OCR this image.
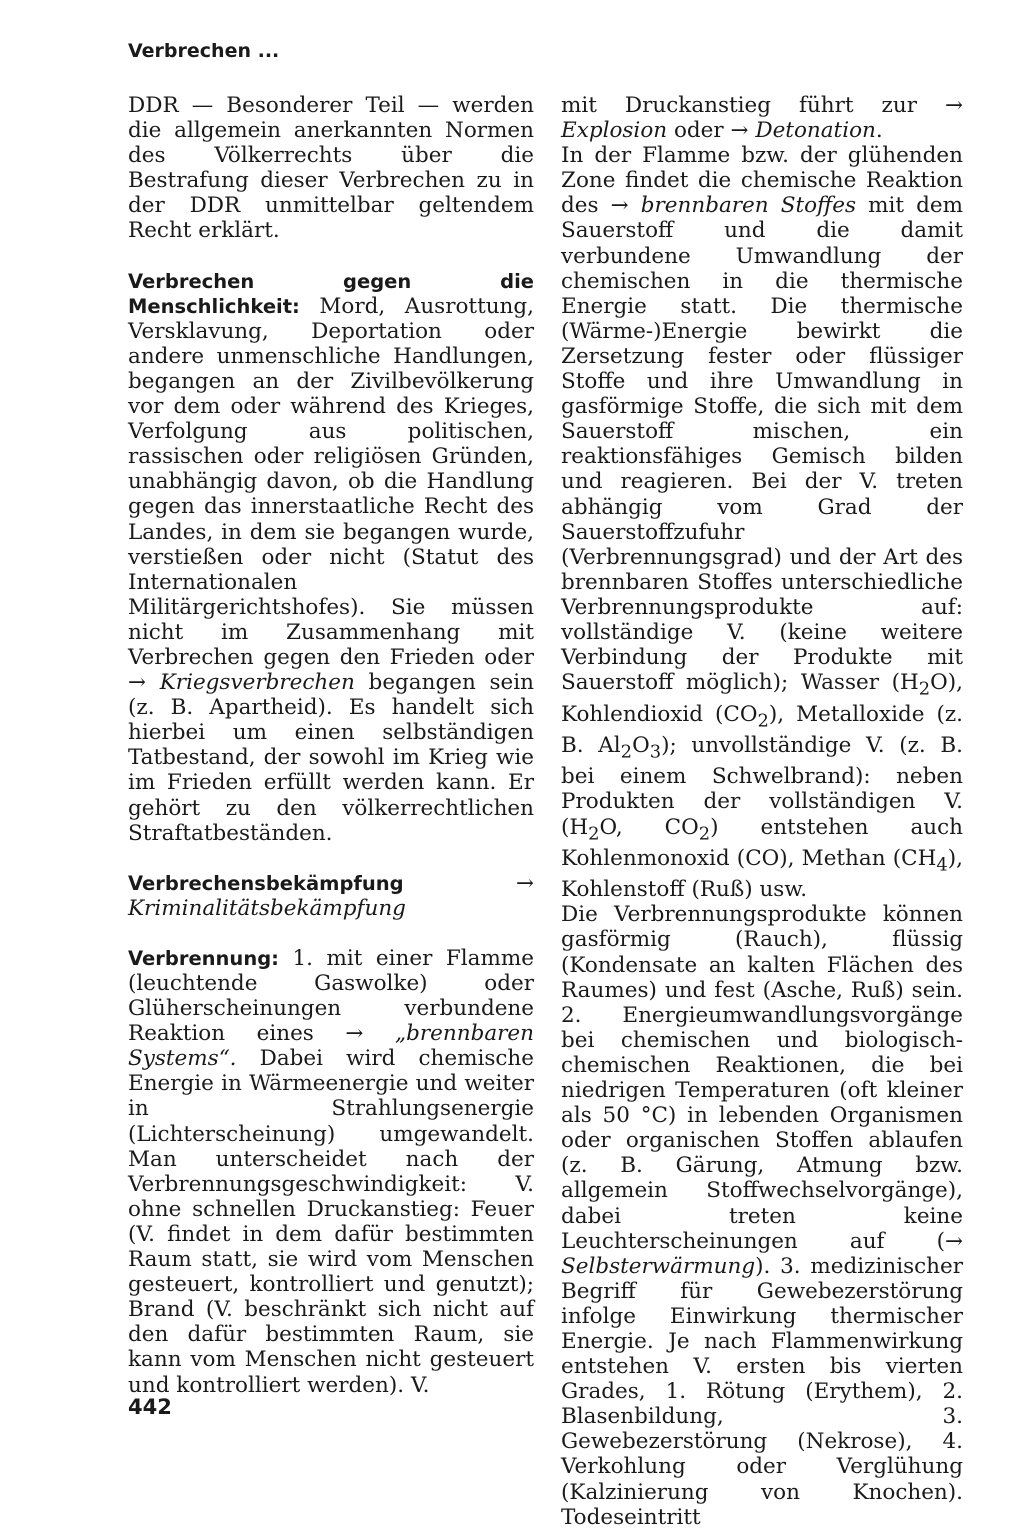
Verbrechen ...

DDR — Besonderer Teil — werden die allgemein anerkannten Normen des Völkerrechts über die Bestrafung dieser Verbrechen zu in der DDR unmittelbar geltendem Recht erklärt.

Verbrechen gegen die Menschlichkeit: Mord, Ausrottung, Versklavung, Deportation oder andere unmenschliche Handlungen, begangen an der Zivilbevölkerung vor dem oder während des Krieges, Verfolgung aus politischen, rassischen oder religiösen Gründen, unabhängig davon, ob die Handlung gegen das innerstaatliche Recht des Landes, in dem sie begangen wurde, verstießen oder nicht (Statut des Internationalen Militärgerichtshofes). Sie müssen nicht im Zusammenhang mit Verbrechen gegen den Frieden oder → Kriegsverbrechen begangen sein (z. B. Apartheid). Es handelt sich hierbei um einen selbständigen Tatbestand, der sowohl im Krieg wie im Frieden erfüllt werden kann. Er gehört zu den völkerrechtlichen Straftatbeständen.

Verbrechensbekämpfung → Kriminalitätsbekämpfung

Verbrennung: 1. mit einer Flamme (leuchtende Gaswolke) oder Glüherscheinungen verbundene Reaktion eines → „brennbaren Systems“. Dabei wird chemische Energie in Wärmeenergie und weiter in Strahlungsenergie (Lichterscheinung) umgewandelt. Man unterscheidet nach der Verbrennungsgeschwindigkeit: V. ohne schnellen Druckanstieg: Feuer (V. findet in dem dafür bestimmten Raum statt, sie wird vom Menschen gesteuert, kontrolliert und genutzt); Brand (V. beschränkt sich nicht auf den dafür bestimmten Raum, sie kann vom Menschen nicht gesteuert und kontrolliert werden). V.

mit Druckanstieg führt zur → Explosion oder → Detonation.

In der Flamme bzw. der glühenden Zone findet die chemische Reaktion des → brennbaren Stoffes mit dem Sauerstoff und die damit verbundene Umwandlung der chemischen in die thermische Energie statt. Die thermische (Wärme-)Energie bewirkt die Zersetzung fester oder flüssiger Stoffe und ihre Umwandlung in gasförmige Stoffe, die sich mit dem Sauerstoff mischen, ein reaktionsfähiges Gemisch bilden und reagieren. Bei der V. treten abhängig vom Grad der Sauerstoffzufuhr (Verbrennungsgrad) und der Art des brennbaren Stoffes unterschiedliche Verbrennungsprodukte auf: vollständige V. (keine weitere Verbindung der Produkte mit Sauerstoff möglich); Wasser $(H_2O)$, Kohlendioxid $(CO_2)$, Metalloxide (z. B. $Al_2O_3$); unvollständige V. (z. B. bei einem Schwelbrand): neben Produkten der vollständigen V. ($H_2O$, $CO_2$) entstehen auch Kohlenmonoxid (CO), Methan $(CH_4)$, Kohlenstoff (Ruß) usw.

Die Verbrennungsprodukte können gasförmig (Rauch), flüssig (Kondensate an kalten Flächen des Raumes) und fest (Asche, Ruß) sein. 2. Energieumwandlungsvorgänge bei chemischen und biologisch-chemischen Reaktionen, die bei niedrigen Temperaturen (oft kleiner als 50 °C) in lebenden Organismen oder organischen Stoffen ablaufen (z. B. Gärung, Atmung bzw. allgemein Stoffwechselvorgänge), dabei treten keine Leuchterscheinungen auf (→ Selbsterwärmung). 3. medizinischer Begriff für Gewebezerstörung infolge Einwirkung thermischer Energie. Je nach Flammenwirkung entstehen V. ersten bis vierten Grades, 1. Rötung (Erythem), 2. Blasenbildung, 3. Gewebezerstörung (Nekrose), 4. Verkohlung oder Verglühung (Kalzinierung von Knochen). Todeseintritt

442
